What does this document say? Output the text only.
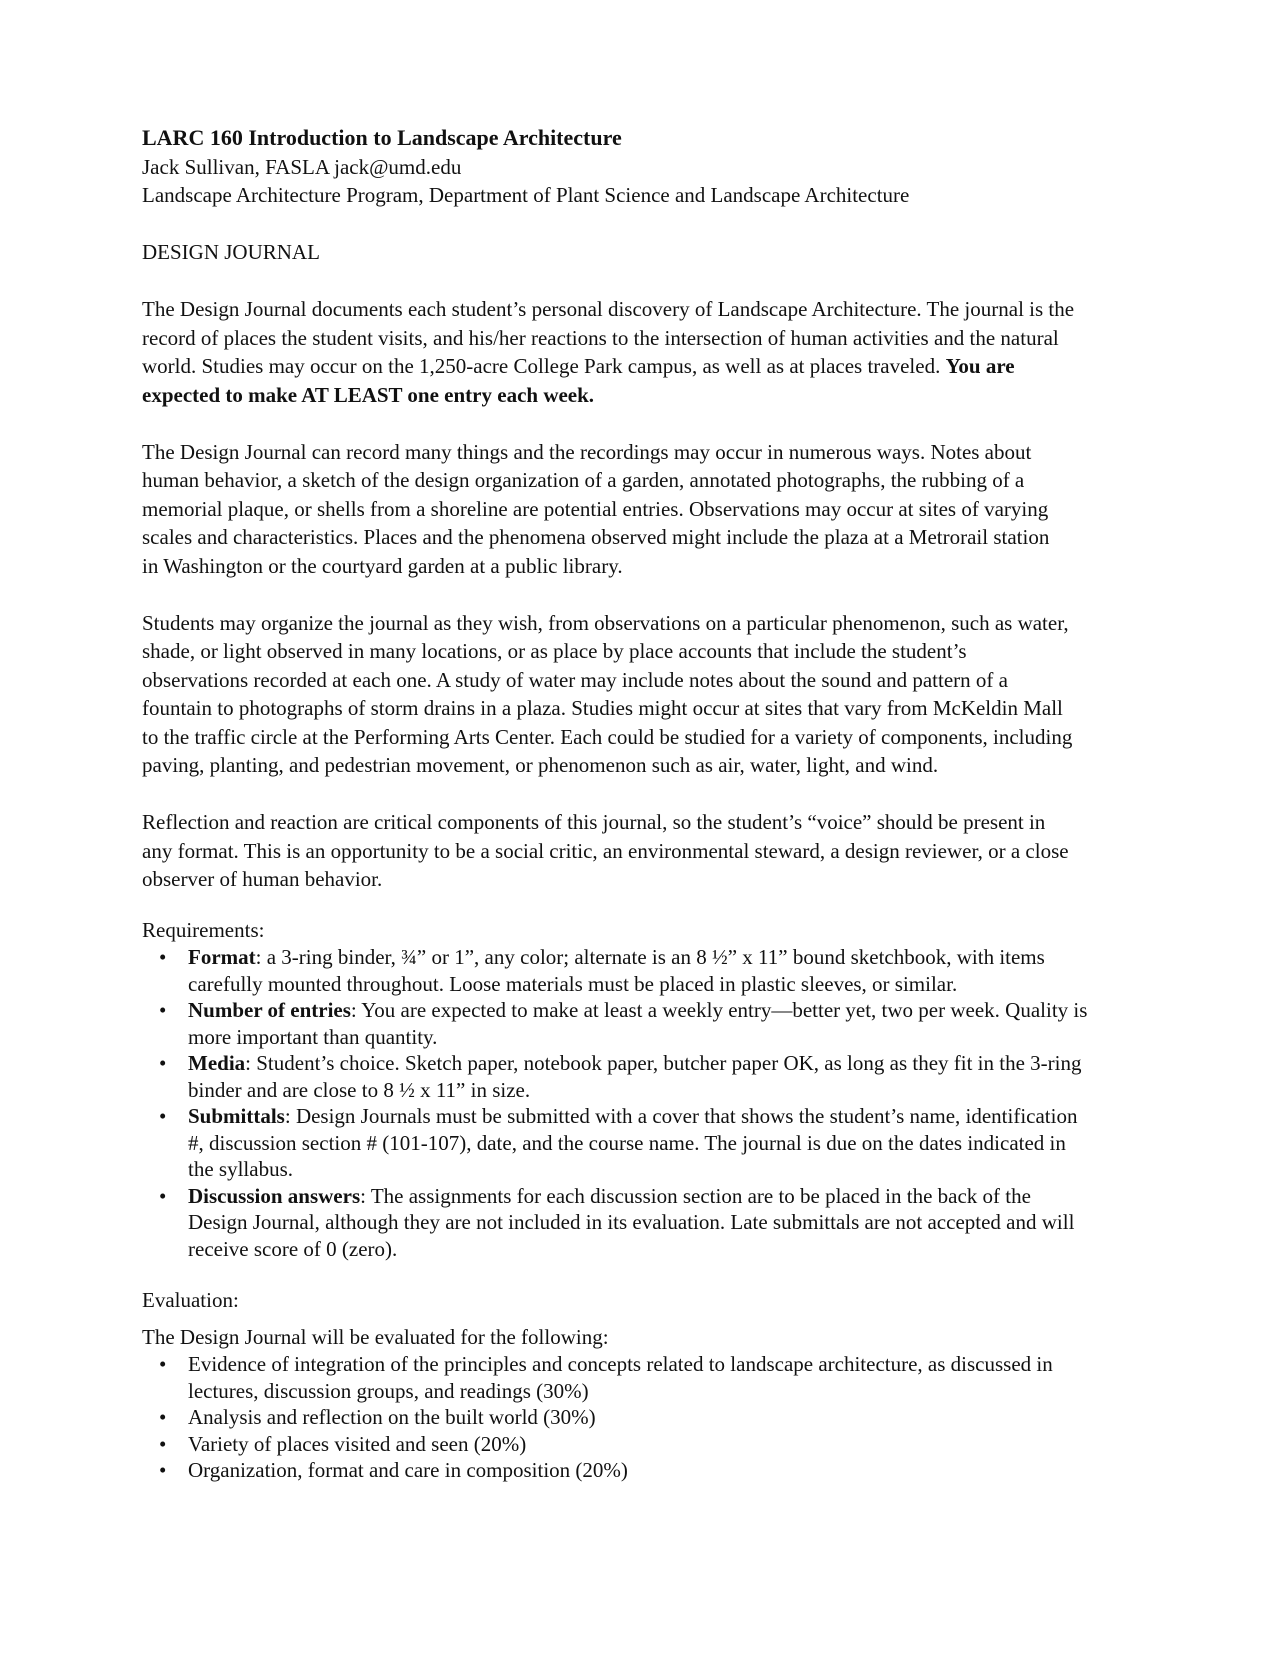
LARC 160 Introduction to Landscape Architecture

Jack Sullivan, FASLA jack@umd.edu

Landscape Architecture Program, Department of Plant Science and Landscape Architecture

DESIGN JOURNAL

The Design Journal documents each student’s personal discovery of Landscape Architecture. The journal is the record of places the student visits, and his/her reactions to the intersection of human activities and the natural world. Studies may occur on the 1,250-acre College Park campus, as well as at places traveled. You are expected to make AT LEAST one entry each week.

The Design Journal can record many things and the recordings may occur in numerous ways. Notes about human behavior, a sketch of the design organization of a garden, annotated photographs, the rubbing of a memorial plaque, or shells from a shoreline are potential entries. Observations may occur at sites of varying scales and characteristics. Places and the phenomena observed might include the plaza at a Metrorail station in Washington or the courtyard garden at a public library.

Students may organize the journal as they wish, from observations on a particular phenomenon, such as water, shade, or light observed in many locations, or as place by place accounts that include the student’s observations recorded at each one. A study of water may include notes about the sound and pattern of a fountain to photographs of storm drains in a plaza. Studies might occur at sites that vary from McKeldin Mall to the traffic circle at the Performing Arts Center. Each could be studied for a variety of components, including paving, planting, and pedestrian movement, or phenomenon such as air, water, light, and wind.

Reflection and reaction are critical components of this journal, so the student’s “voice” should be present in any format. This is an opportunity to be a social critic, an environmental steward, a design reviewer, or a close observer of human behavior.

Requirements:

• Format: a 3-ring binder, ¾” or 1”, any color; alternate is an 8 ½” x 11” bound sketchbook, with items carefully mounted throughout. Loose materials must be placed in plastic sleeves, or similar.
• Number of entries: You are expected to make at least a weekly entry—better yet, two per week. Quality is more important than quantity.
• Media: Student’s choice. Sketch paper, notebook paper, butcher paper OK, as long as they fit in the 3-ring binder and are close to 8 ½ x 11” in size.
• Submittals: Design Journals must be submitted with a cover that shows the student’s name, identification #, discussion section # (101-107), date, and the course name. The journal is due on the dates indicated in the syllabus.
• Discussion answers: The assignments for each discussion section are to be placed in the back of the Design Journal, although they are not included in its evaluation. Late submittals are not accepted and will receive score of 0 (zero).

Evaluation:

The Design Journal will be evaluated for the following:

• Evidence of integration of the principles and concepts related to landscape architecture, as discussed in lectures, discussion groups, and readings (30%)
• Analysis and reflection on the built world (30%)
• Variety of places visited and seen (20%)
• Organization, format and care in composition (20%)
